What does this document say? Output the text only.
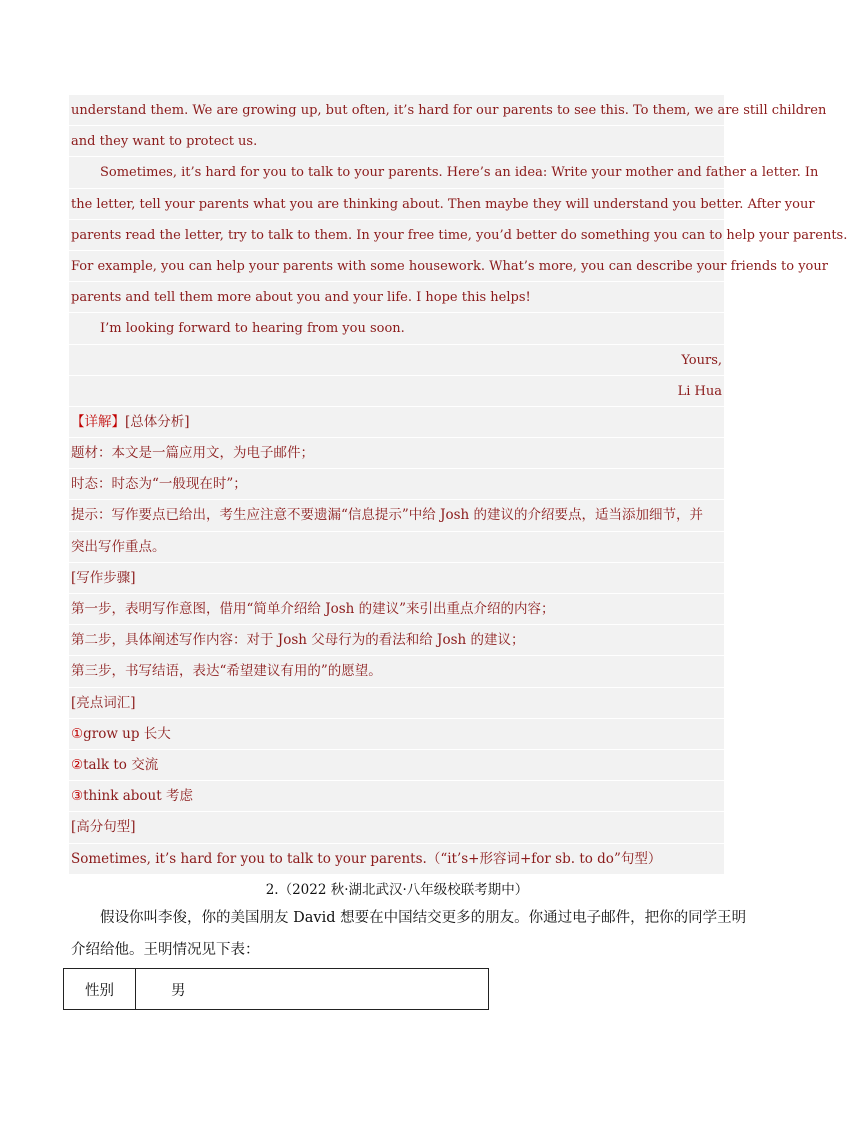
understand them. We are growing up, but often, it’s hard for our parents to see this. To them, we are still children
and they want to protect us.
Sometimes, it’s hard for you to talk to your parents. Here’s an idea: Write your mother and father a letter. In
the letter, tell your parents what you are thinking about. Then maybe they will understand you better. After your
parents read the letter, try to talk to them. In your free time, you’d better do something you can to help your parents.
For example, you can help your parents with some housework. What’s more, you can describe your friends to your
parents and tell them more about you and your life. I hope this helps!
I’m looking forward to hearing from you soon.
Yours,
Li Hua
【详解】[总体分析]
题材：本文是一篇应用文，为电子邮件；
时态：时态为“一般现在时”；
提示：写作要点已给出，考生应注意不要遗漏“信息提示”中给 Josh 的建议的介绍要点，适当添加细节，并
突出写作重点。
[写作步骤]
第一步，表明写作意图，借用“简单介绍给 Josh 的建议”来引出重点介绍的内容；
第二步，具体阐述写作内容：对于 Josh 父母行为的看法和给 Josh 的建议；
第三步，书写结语，表达“希望建议有用的”的愿望。
[亮点词汇]
①grow up 长大
②talk to 交流
③think about 考虑
[高分句型]
Sometimes, it’s hard for you to talk to your parents.（“it’s+形容词+for sb. to do”句型）
2.（2022 秋·湖北武汉·八年级校联考期中）

假设你叫李俊，你的美国朋友 David 想要在中国结交更多的朋友。你通过电子邮件，把你的同学王明

介绍给他。王明情况见下表：

性别	男
